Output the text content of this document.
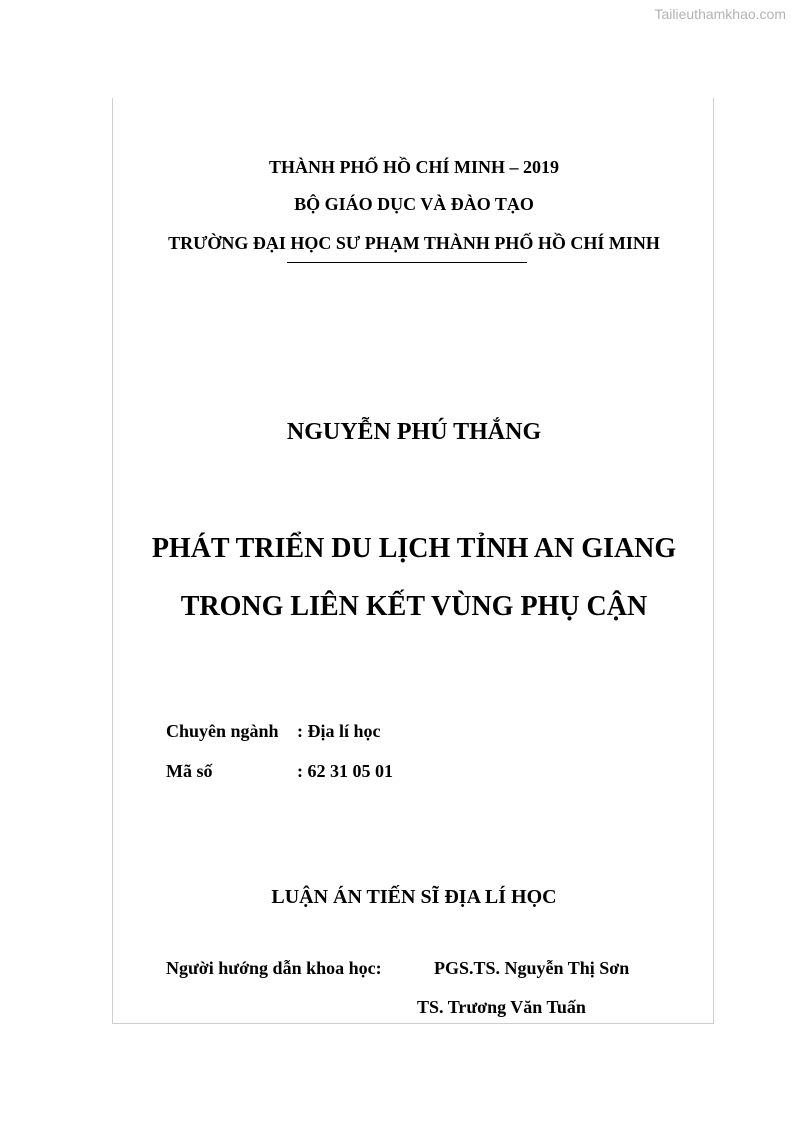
Tailieuthamkhao.com
THÀNH PHỐ HỒ CHÍ MINH – 2019
BỘ GIÁO DỤC VÀ ĐÀO TẠO
TRƯỜNG ĐẠI HỌC SƯ PHẠM THÀNH PHỐ HỒ CHÍ MINH
NGUYỄN PHÚ THẮNG
PHÁT TRIỂN DU LỊCH TỈNH AN GIANG
TRONG LIÊN KẾT VÙNG PHỤ CẬN
Chuyên ngành : Địa lí học
Mã số	: 62 31 05 01
LUẬN ÁN TIẾN SĨ ĐỊA LÍ HỌC
Người hướng dẫn khoa học:	PGS.TS. Nguyễn Thị Sơn
TS. Trương Văn Tuấn
